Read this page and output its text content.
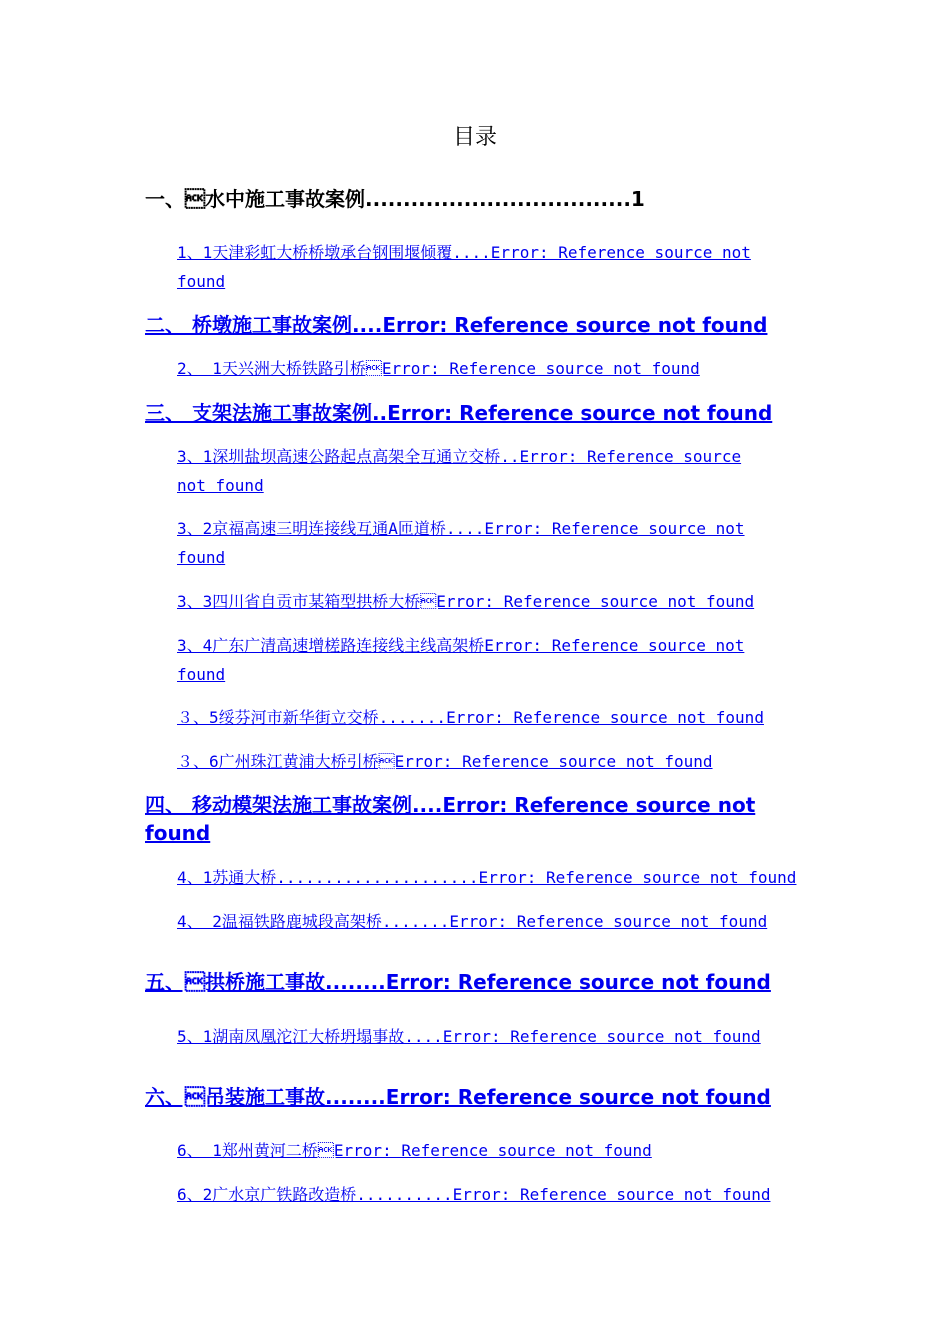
目录
一、水中施工事故案例...................................1
1、1天津彩虹大桥桥墩承台钢围堰倾覆....Error: Reference source not
found
二、 桥墩施工事故案例....Error: Reference source not found
2、 1天兴洲大桥铁路引桥Error: Reference source not found
三、 支架法施工事故案例..Error: Reference source not found
3、1深圳盐坝高速公路起点高架全互通立交桥..Error: Reference source
not found
3、2京福高速三明连接线互通A匝道桥....Error: Reference source not
found
3、3四川省自贡市某箱型拱桥大桥Error: Reference source not found
3、4广东广清高速增槎路连接线主线高架桥Error: Reference source not
found
３、5绥芬河市新华街立交桥.......Error: Reference source not found
３、6广州珠江黄浦大桥引桥Error: Reference source not found
四、 移动模架法施工事故案例....Error: Reference source not
found
4、1苏通大桥.....................Error: Reference source not found
4、 2温福铁路鹿城段高架桥.......Error: Reference source not found
五、拱桥施工事故........Error: Reference source not found
5、1湖南凤凰沱江大桥坍塌事故....Error: Reference source not found
六、吊装施工事故........Error: Reference source not found
6、 1郑州黄河二桥Error: Reference source not found
6、2广水京广铁路改造桥..........Error: Reference source not found
